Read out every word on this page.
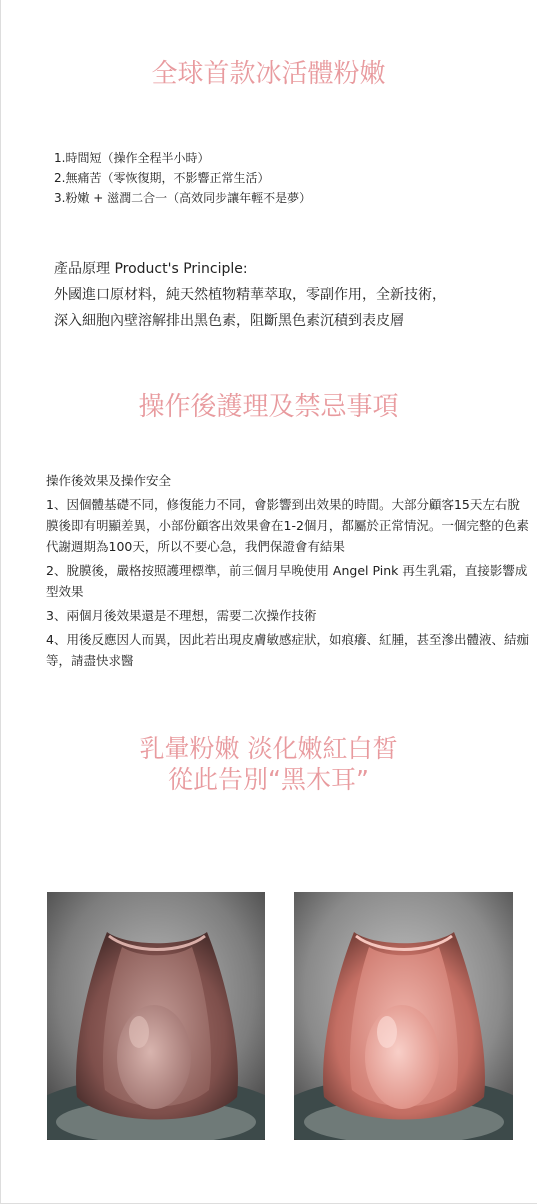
全球首款冰活體粉嫩
1.時間短（操作全程半小時）
2.無痛苦（零恢復期，不影響正常生活）
3.粉嫩 + 滋潤二合一（高效同步讓年輕不是夢）
產品原理 Product's Principle:
外國進口原材料，純天然植物精華萃取，零副作用，全新技術，
深入細胞內壁溶解排出黑色素，阻斷黑色素沉積到表皮層
操作後護理及禁忌事項
操作後效果及操作安全

1、因個體基礎不同，修復能力不同，會影響到出效果的時間。大部分顧客15天左右脫膜後即有明顯差異，小部份顧客出效果會在1-2個月，都屬於正常情況。一個完整的色素代謝週期為100天，所以不要心急，我們保證會有結果

2、脫膜後，嚴格按照護理標準，前三個月早晚使用 Angel Pink 再生乳霜，直接影響成型效果

3、兩個月後效果還是不理想，需要二次操作技術

4、用後反應因人而異，因此若出現皮膚敏感症狀，如痕癢、紅腫，甚至滲出體液、結痂等，請盡快求醫

乳暈粉嫩 淡化嫩紅白皙
從此告別“黑木耳”
